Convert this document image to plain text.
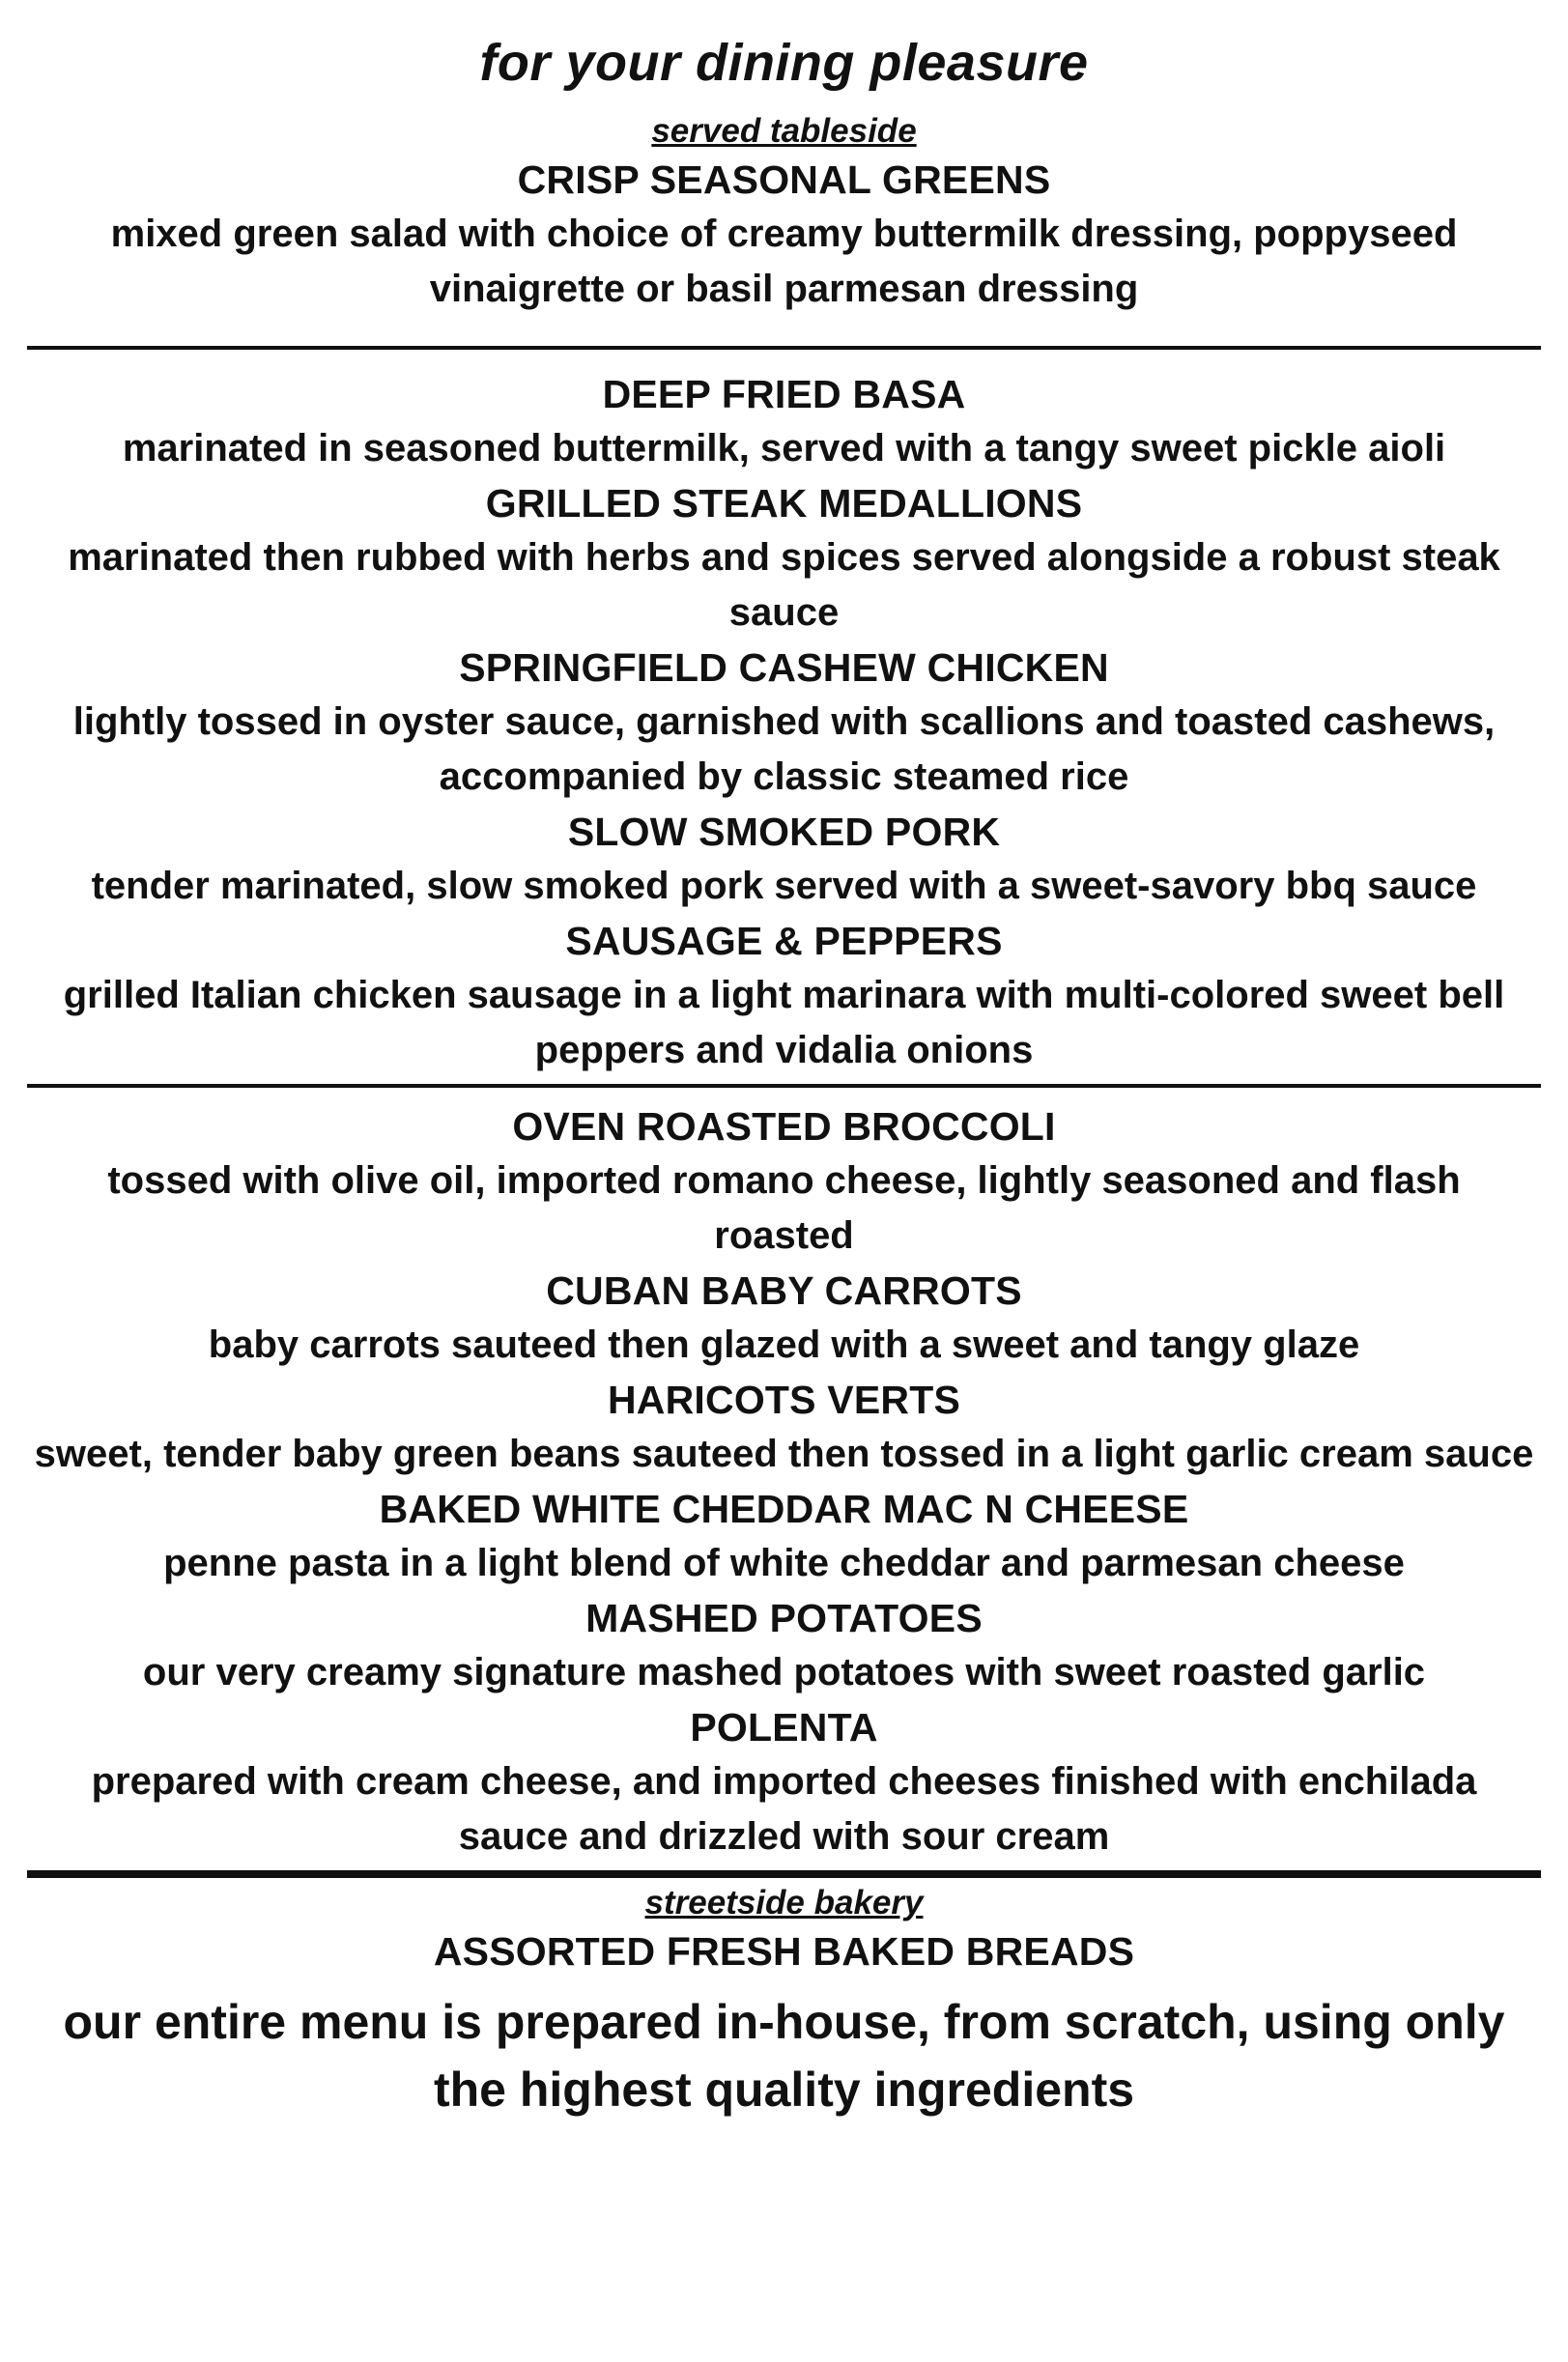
for your dining pleasure
served tableside
CRISP SEASONAL GREENS
mixed green salad with choice of creamy buttermilk dressing, poppyseed vinaigrette or basil parmesan dressing
DEEP FRIED BASA
marinated in seasoned buttermilk, served with a tangy sweet pickle aioli
GRILLED STEAK MEDALLIONS
marinated then rubbed with herbs and spices served alongside a robust steak sauce
SPRINGFIELD CASHEW CHICKEN
lightly tossed in oyster sauce, garnished with scallions and toasted cashews, accompanied by classic steamed rice
SLOW SMOKED PORK
tender marinated, slow smoked pork served with a sweet-savory bbq sauce
SAUSAGE & PEPPERS
grilled Italian chicken sausage in a light marinara with multi-colored sweet bell peppers and vidalia onions
OVEN ROASTED BROCCOLI
tossed with olive oil, imported romano cheese, lightly seasoned and flash roasted
CUBAN BABY CARROTS
baby carrots sauteed then glazed with a sweet and tangy glaze
HARICOTS VERTS
sweet, tender baby green beans sauteed then tossed in a light garlic cream sauce
BAKED WHITE CHEDDAR MAC N CHEESE
penne pasta in a light blend of white cheddar and parmesan cheese
MASHED POTATOES
our very creamy signature mashed potatoes with sweet roasted garlic
POLENTA
prepared with cream cheese, and imported cheeses finished with enchilada sauce and drizzled with sour cream
streetside bakery
ASSORTED FRESH BAKED BREADS
our entire menu is prepared in-house, from scratch, using only the highest quality ingredients
